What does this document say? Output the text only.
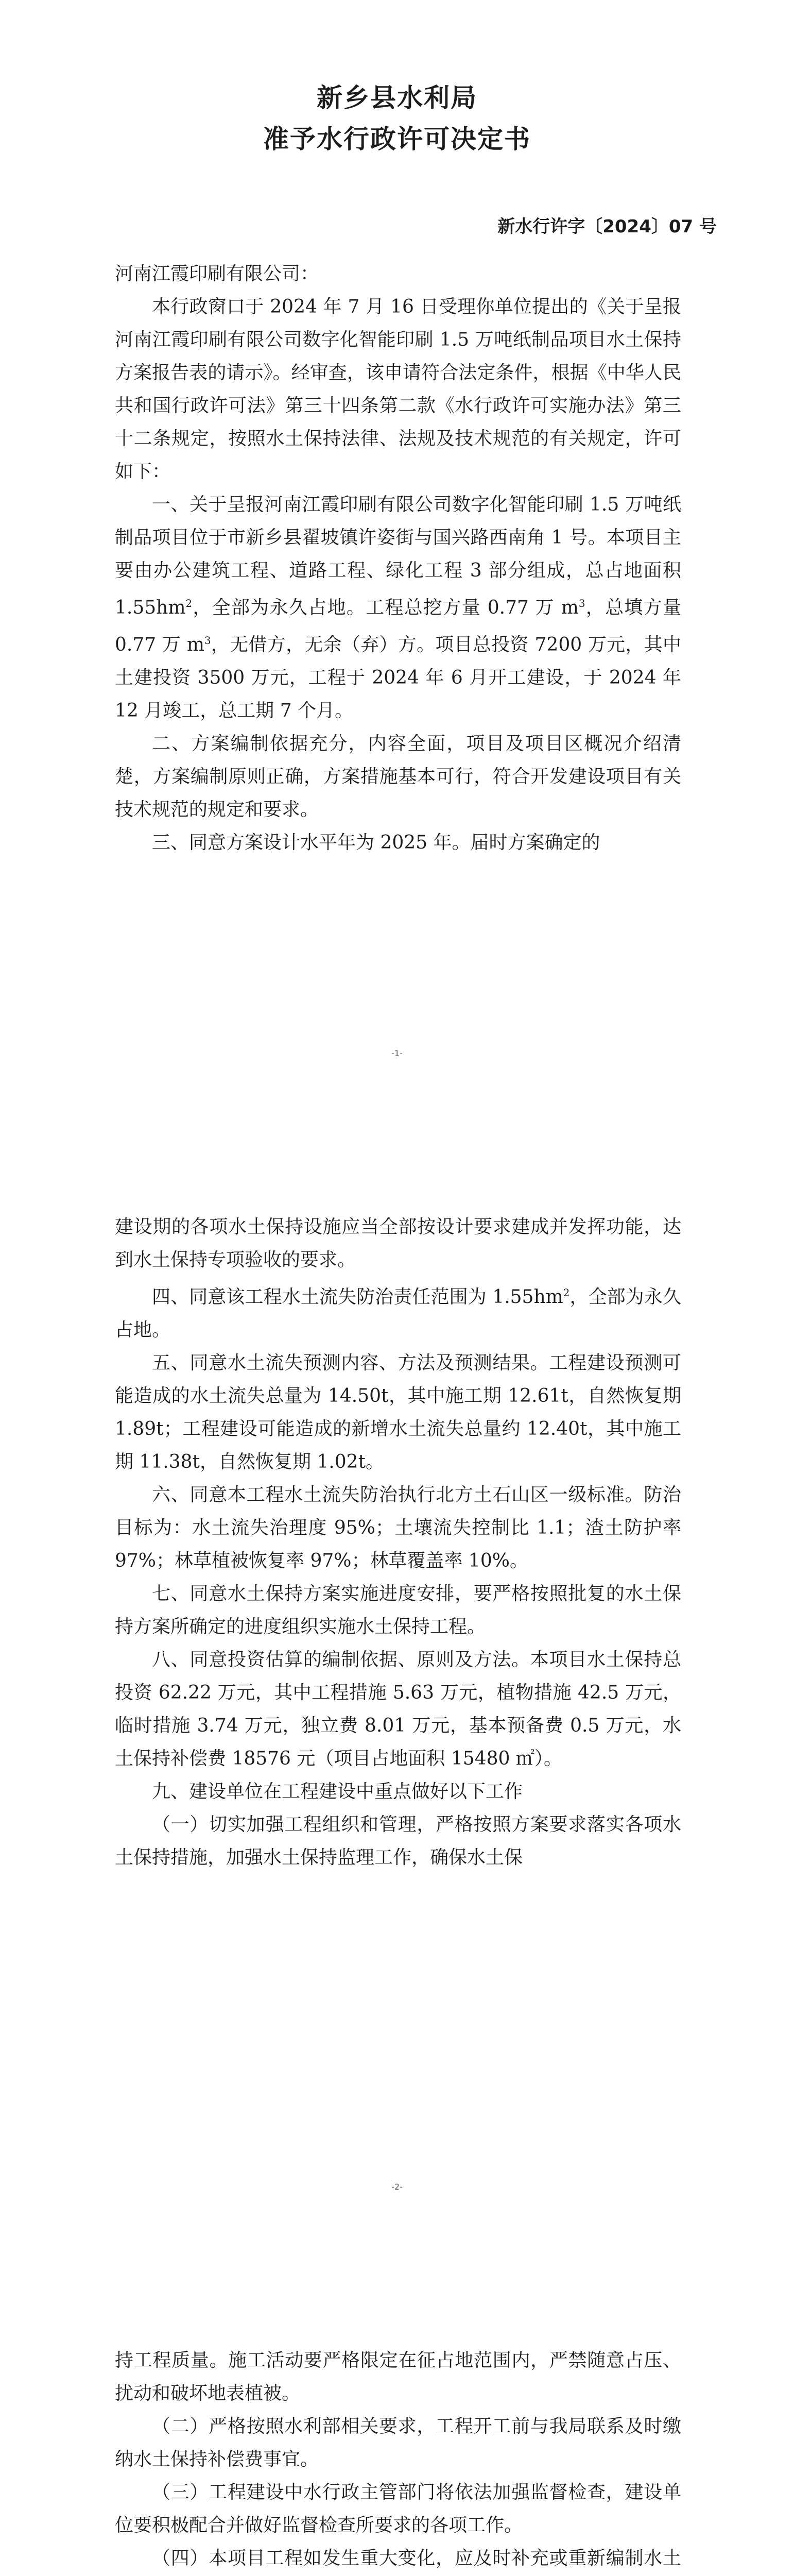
新乡县水利局
准予水行政许可决定书
新水行许字〔2024〕07 号

河南江霞印刷有限公司：

本行政窗口于 2024 年 7 月 16 日受理你单位提出的《关于呈报河南江霞印刷有限公司数字化智能印刷 1.5 万吨纸制品项目水土保持方案报告表的请示》。经审查，该申请符合法定条件，根据《中华人民共和国行政许可法》第三十四条第二款《水行政许可实施办法》第三十二条规定，按照水土保持法律、法规及技术规范的有关规定，许可如下：

一、关于呈报河南江霞印刷有限公司数字化智能印刷 1.5 万吨纸制品项目位于市新乡县翟坡镇许姿街与国兴路西南角 1 号。本项目主要由办公建筑工程、道路工程、绿化工程 3 部分组成，总占地面积 $1.55hm^2$，全部为永久占地。工程总挖方量 0.77 万 $m^3$，总填方量 0.77 万 $m^3$，无借方，无余（弃）方。项目总投资 7200 万元，其中土建投资 3500 万元，工程于 2024 年 6 月开工建设，于 2024 年 12 月竣工，总工期 7 个月。

二、方案编制依据充分，内容全面，项目及项目区概况介绍清楚，方案编制原则正确，方案措施基本可行，符合开发建设项目有关技术规范的规定和要求。

三、同意方案设计水平年为 2025 年。届时方案确定的

-1-

建设期的各项水土保持设施应当全部按设计要求建成并发挥功能，达到水土保持专项验收的要求。

四、同意该工程水土流失防治责任范围为 $1.55hm^2$，全部为永久占地。

五、同意水土流失预测内容、方法及预测结果。工程建设预测可能造成的水土流失总量为 14.50t，其中施工期 12.61t，自然恢复期 1.89t；工程建设可能造成的新增水土流失总量约 12.40t，其中施工期 11.38t，自然恢复期 1.02t。

六、同意本工程水土流失防治执行北方土石山区一级标准。防治目标为：水土流失治理度 95%；土壤流失控制比 1.1；渣土防护率 97%；林草植被恢复率 97%；林草覆盖率 10%。

七、同意水土保持方案实施进度安排，要严格按照批复的水土保持方案所确定的进度组织实施水土保持工程。

八、同意投资估算的编制依据、原则及方法。本项目水土保持总投资 62.22 万元，其中工程措施 5.63 万元，植物措施 42.5 万元，临时措施 3.74 万元，独立费 8.01 万元，基本预备费 0.5 万元，水土保持补偿费 18576 元（项目占地面积 15480 ㎡）。

九、建设单位在工程建设中重点做好以下工作

（一）切实加强工程组织和管理，严格按照方案要求落实各项水土保持措施，加强水土保持监理工作，确保水土保

-2-

持工程质量。施工活动要严格限定在征占地范围内，严禁随意占压、扰动和破坏地表植被。

（二）严格按照水利部相关要求，工程开工前与我局联系及时缴纳水土保持补偿费事宜。

（三）工程建设中水行政主管部门将依法加强监督检查，建设单位要积极配合并做好监督检查所要求的各项工作。

（四）本项目工程如发生重大变化，应及时补充或重新编制水土
